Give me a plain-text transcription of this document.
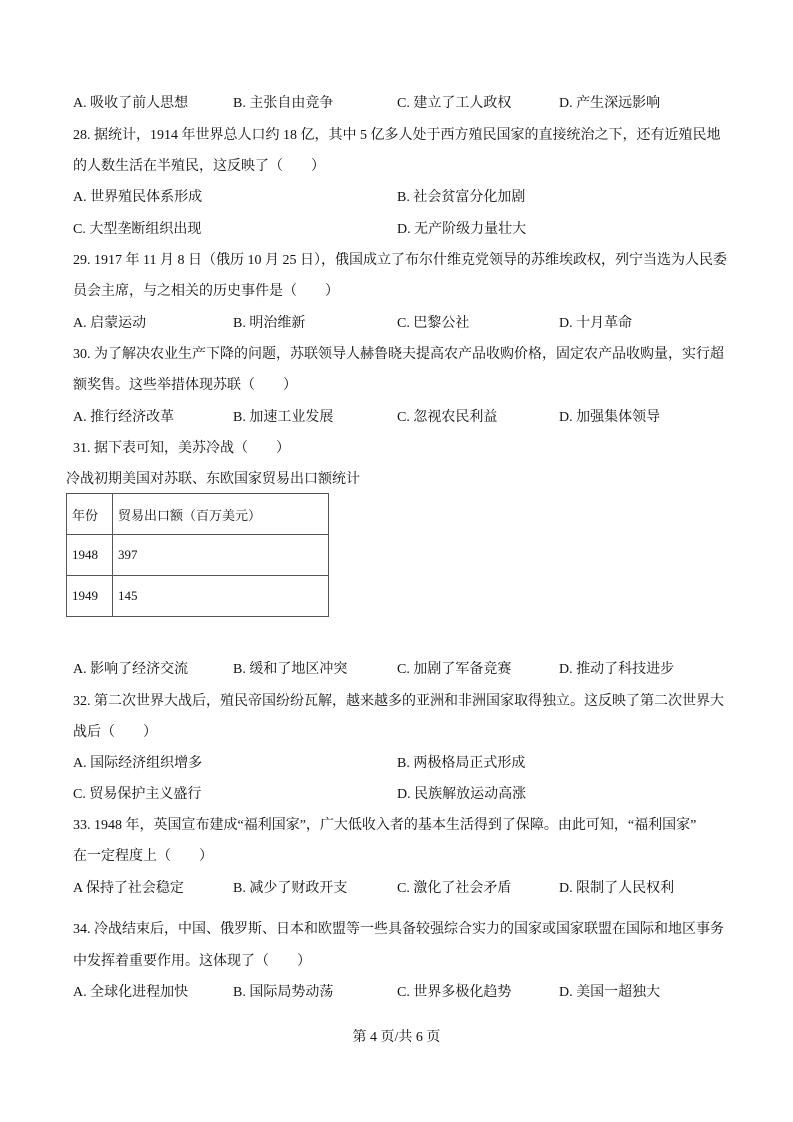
A. 吸收了前人思想	B. 主张自由竞争	C. 建立了工人政权	D. 产生深远影响
28. 据统计，1914 年世界总人口约 18 亿，其中 5 亿多人处于西方殖民国家的直接统治之下，还有近殖民地
的人数生活在半殖民，这反映了（　　）
A. 世界殖民体系形成	B. 社会贫富分化加剧
C. 大型垄断组织出现	D. 无产阶级力量壮大
29. 1917 年 11 月 8 日（俄历 10 月 25 日），俄国成立了布尔什维克党领导的苏维埃政权，列宁当选为人民委
员会主席，与之相关的历史事件是（　　）
A. 启蒙运动	B. 明治维新	C. 巴黎公社	D. 十月革命
30. 为了解决农业生产下降的问题，苏联领导人赫鲁晓夫提高农产品收购价格，固定农产品收购量，实行超
额奖售。这些举措体现苏联（　　）
A. 推行经济改革	B. 加速工业发展	C. 忽视农民利益	D. 加强集体领导
31. 据下表可知，美苏冷战（　　）
冷战初期美国对苏联、东欧国家贸易出口额统计
年份	贸易出口额（百万美元）
1948	397
1949	145
A. 影响了经济交流	B. 缓和了地区冲突	C. 加剧了军备竞赛	D. 推动了科技进步
32. 第二次世界大战后，殖民帝国纷纷瓦解，越来越多的亚洲和非洲国家取得独立。这反映了第二次世界大
战后（　　）
A. 国际经济组织增多	B. 两极格局正式形成
C. 贸易保护主义盛行	D. 民族解放运动高涨
33. 1948 年，英国宣布建成“福利国家”，广大低收入者的基本生活得到了保障。由此可知，“福利国家”
在一定程度上（　　）
A 保持了社会稳定	B. 减少了财政开支	C. 激化了社会矛盾	D. 限制了人民权利
34. 冷战结束后，中国、俄罗斯、日本和欧盟等一些具备较强综合实力的国家或国家联盟在国际和地区事务
中发挥着重要作用。这体现了（　　）
A. 全球化进程加快	B. 国际局势动荡	C. 世界多极化趋势	D. 美国一超独大
第 4 页/共 6 页
